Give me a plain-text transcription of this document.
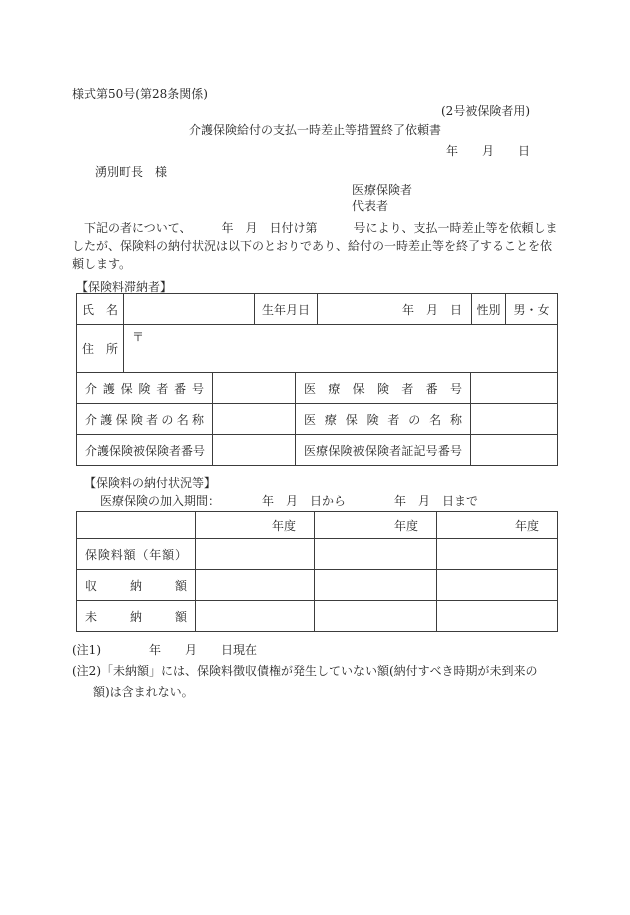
様式第50号(第28条関係)
(2号被保険者用)
介護保険給付の支払一時差止等措置終了依頼書
年　　月　　日
湧別町長　様
医療保険者
代表者
　下記の者について、　　　年　月　日付け第　　　号により、支払一時差止等を依頼しま
したが、保険料の納付状況は以下のとおりであり、給付の一時差止等を終了することを依
頼します。
【保険料滞納者】
氏　名		生年月日	年　月　日	性別	男・女
住　所	〒				
介護保険者番号		医療保険者番号	
介護保険者の名称		医療保険者の名称	
介護保険被保険者番号		医療保険被保険者証記号番号	
【保険料の納付状況等】
医療保険の加入期間：　　　　年　月　日から　　　　年　月　日まで
	年度	年度	年度
保険料額（年額）			
収納額			
未納額			
(注1)　　　　年　　月　　日現在
(注2)「未納額」には、保険料徴収債権が発生していない額(納付すべき時期が未到来の
額)は含まれない。
